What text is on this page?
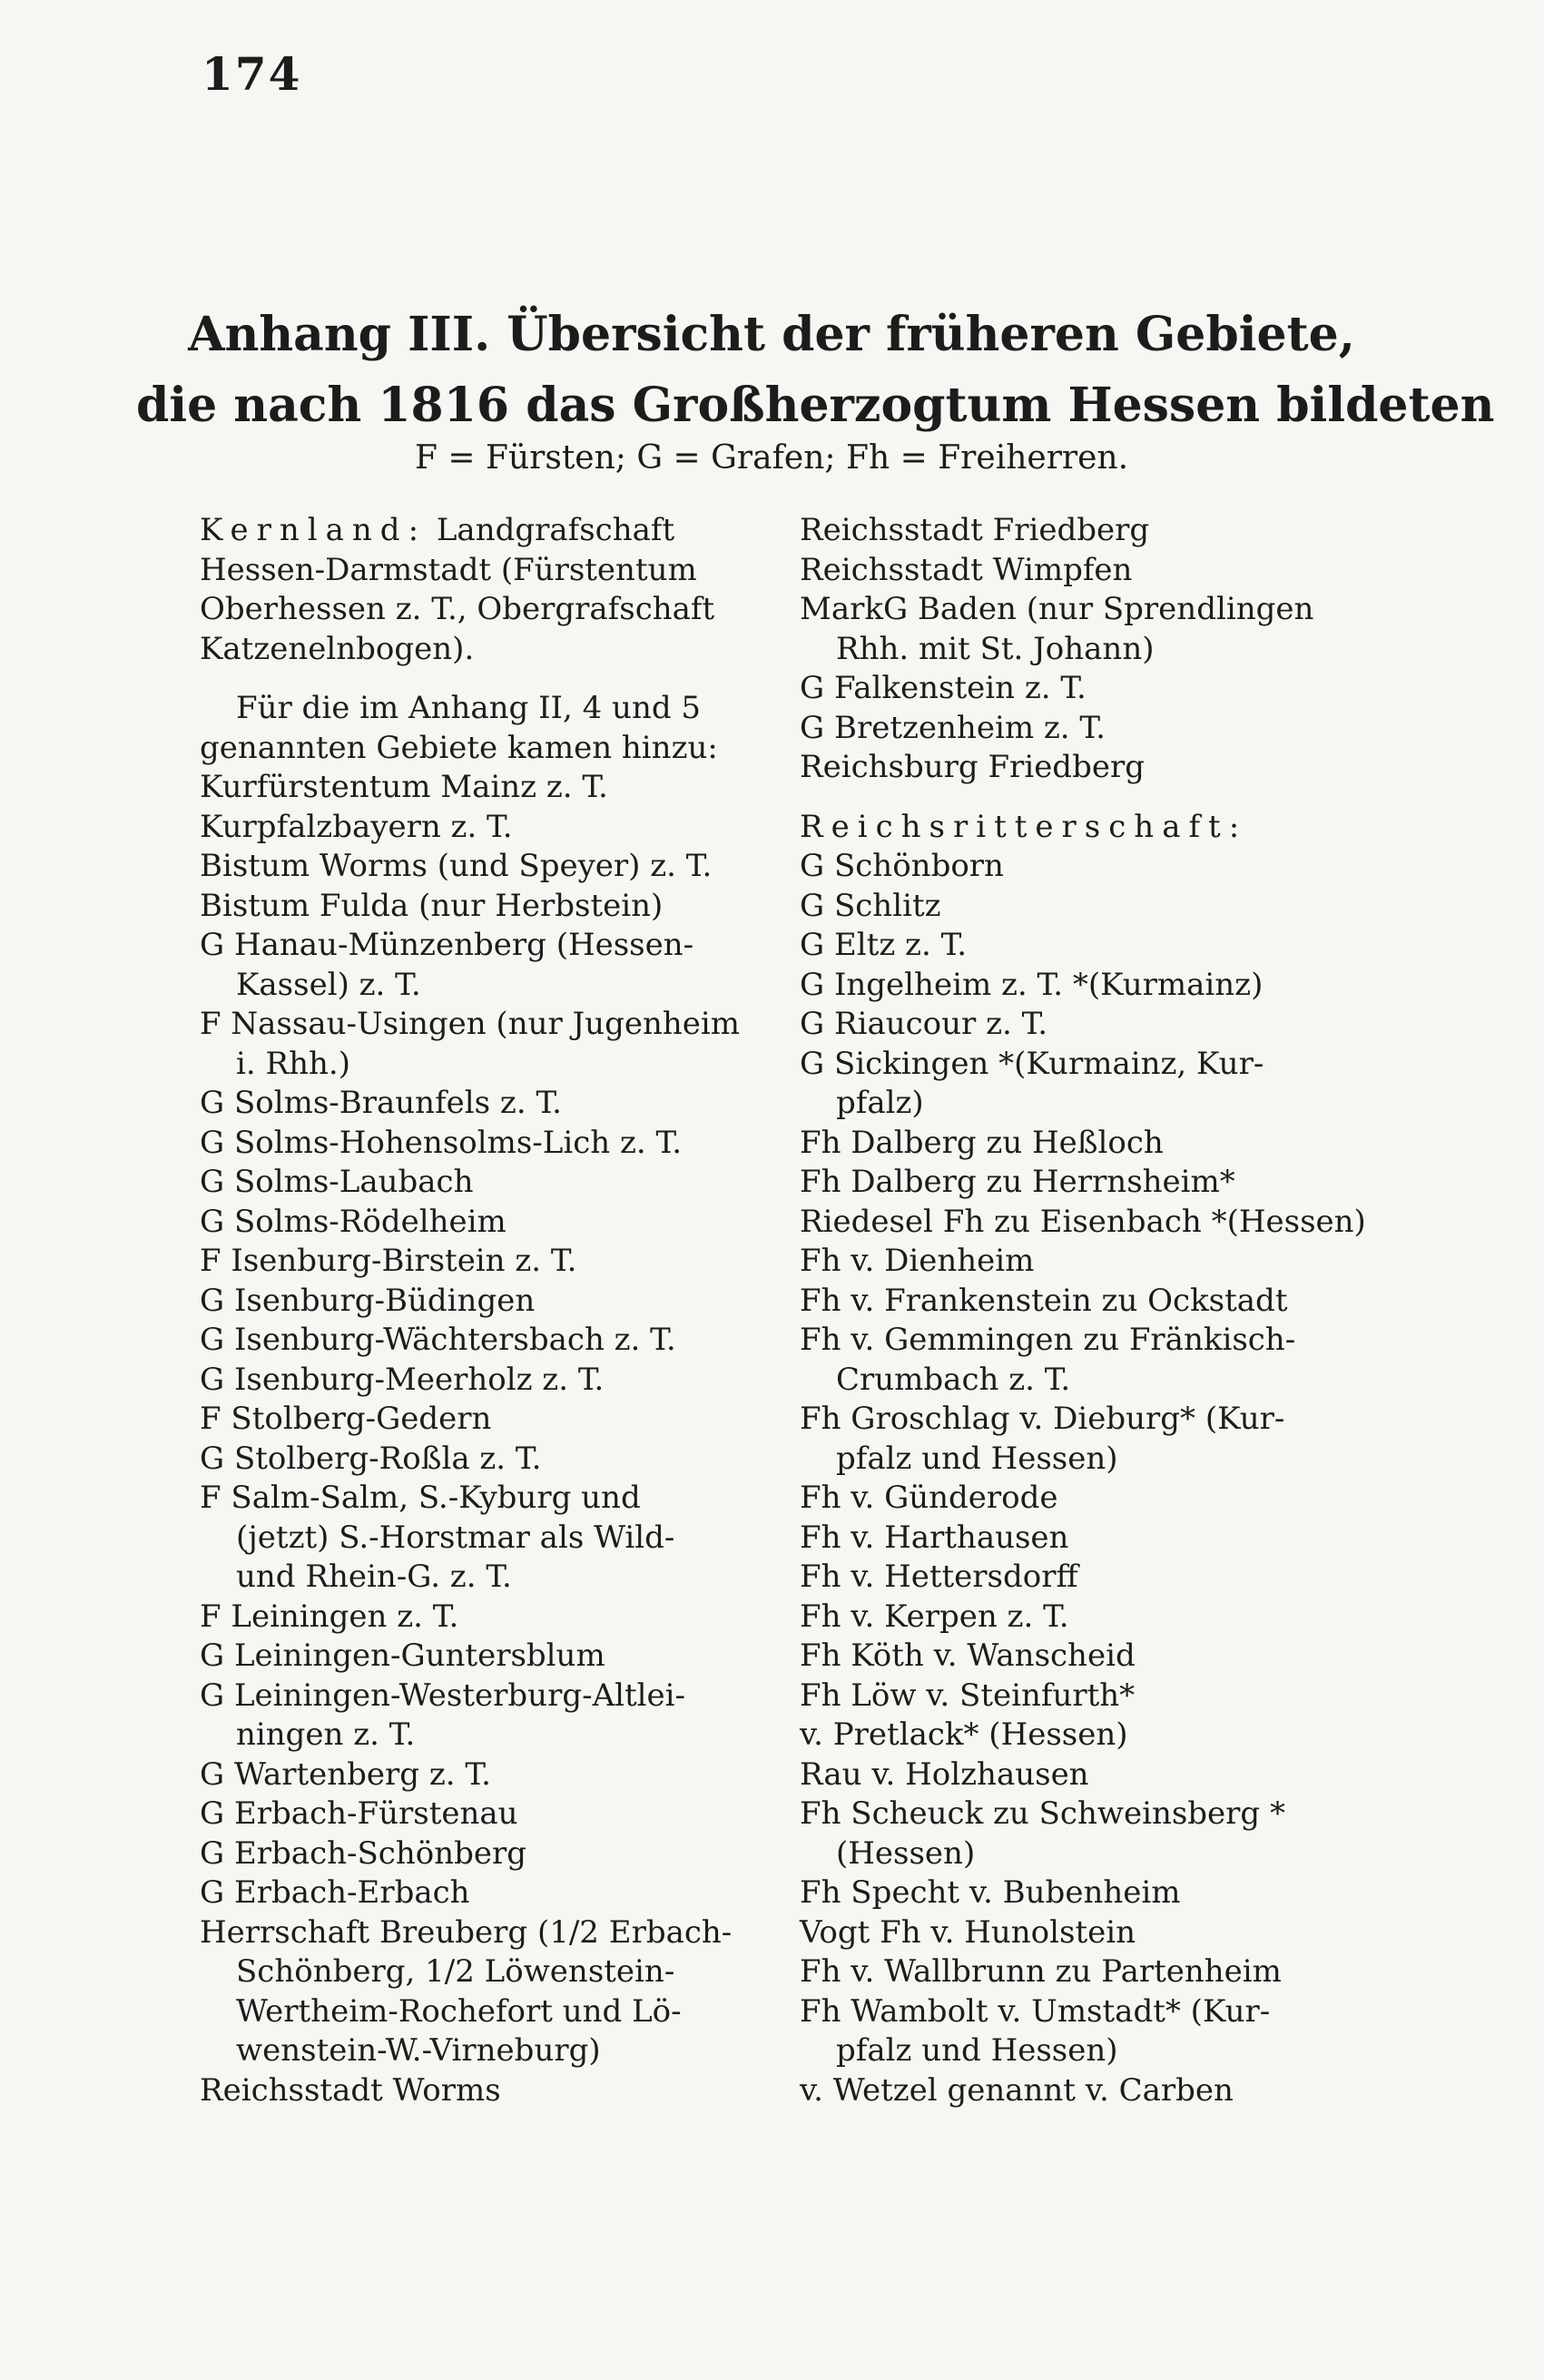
174
Anhang III. Übersicht der früheren Gebiete,
die nach 1816 das Großherzogtum Hessen bildeten
F = Fürsten; G = Grafen; Fh = Freiherren.
Kernland: Landgrafschaft
Hessen-Darmstadt (Fürstentum
Oberhessen z. T., Obergrafschaft
Katzenelnbogen).
Für die im Anhang II, 4 und 5
genannten Gebiete kamen hinzu:
Kurfürstentum Mainz z. T.
Kurpfalzbayern z. T.
Bistum Worms (und Speyer) z. T.
Bistum Fulda (nur Herbstein)
G Hanau-Münzenberg (Hessen-
Kassel) z. T.
F Nassau-Usingen (nur Jugenheim
i. Rhh.)
G Solms-Braunfels z. T.
G Solms-Hohensolms-Lich z. T.
G Solms-Laubach
G Solms-Rödelheim
F Isenburg-Birstein z. T.
G Isenburg-Büdingen
G Isenburg-Wächtersbach z. T.
G Isenburg-Meerholz z. T.
F Stolberg-Gedern
G Stolberg-Roßla z. T.
F Salm-Salm, S.-Kyburg und
(jetzt) S.-Horstmar als Wild-
und Rhein-G. z. T.
F Leiningen z. T.
G Leiningen-Guntersblum
G Leiningen-Westerburg-Altlei-
ningen z. T.
G Wartenberg z. T.
G Erbach-Fürstenau
G Erbach-Schönberg
G Erbach-Erbach
Herrschaft Breuberg (1/2 Erbach-
Schönberg, 1/2 Löwenstein-
Wertheim-Rochefort und Lö-
wenstein-W.-Virneburg)
Reichsstadt Worms
Reichsstadt Friedberg
Reichsstadt Wimpfen
MarkG Baden (nur Sprendlingen
Rhh. mit St. Johann)
G Falkenstein z. T.
G Bretzenheim z. T.
Reichsburg Friedberg
Reichsritterschaft:
G Schönborn
G Schlitz
G Eltz z. T.
G Ingelheim z. T. *(Kurmainz)
G Riaucour z. T.
G Sickingen *(Kurmainz, Kur-
pfalz)
Fh Dalberg zu Heßloch
Fh Dalberg zu Herrnsheim*
Riedesel Fh zu Eisenbach *(Hessen)
Fh v. Dienheim
Fh v. Frankenstein zu Ockstadt
Fh v. Gemmingen zu Fränkisch-
Crumbach z. T.
Fh Groschlag v. Dieburg* (Kur-
pfalz und Hessen)
Fh v. Günderode
Fh v. Harthausen
Fh v. Hettersdorff
Fh v. Kerpen z. T.
Fh Köth v. Wanscheid
Fh Löw v. Steinfurth*
v. Pretlack* (Hessen)
Rau v. Holzhausen
Fh Scheuck zu Schweinsberg *
(Hessen)
Fh Specht v. Bubenheim
Vogt Fh v. Hunolstein
Fh v. Wallbrunn zu Partenheim
Fh Wambolt v. Umstadt* (Kur-
pfalz und Hessen)
v. Wetzel genannt v. Carben
